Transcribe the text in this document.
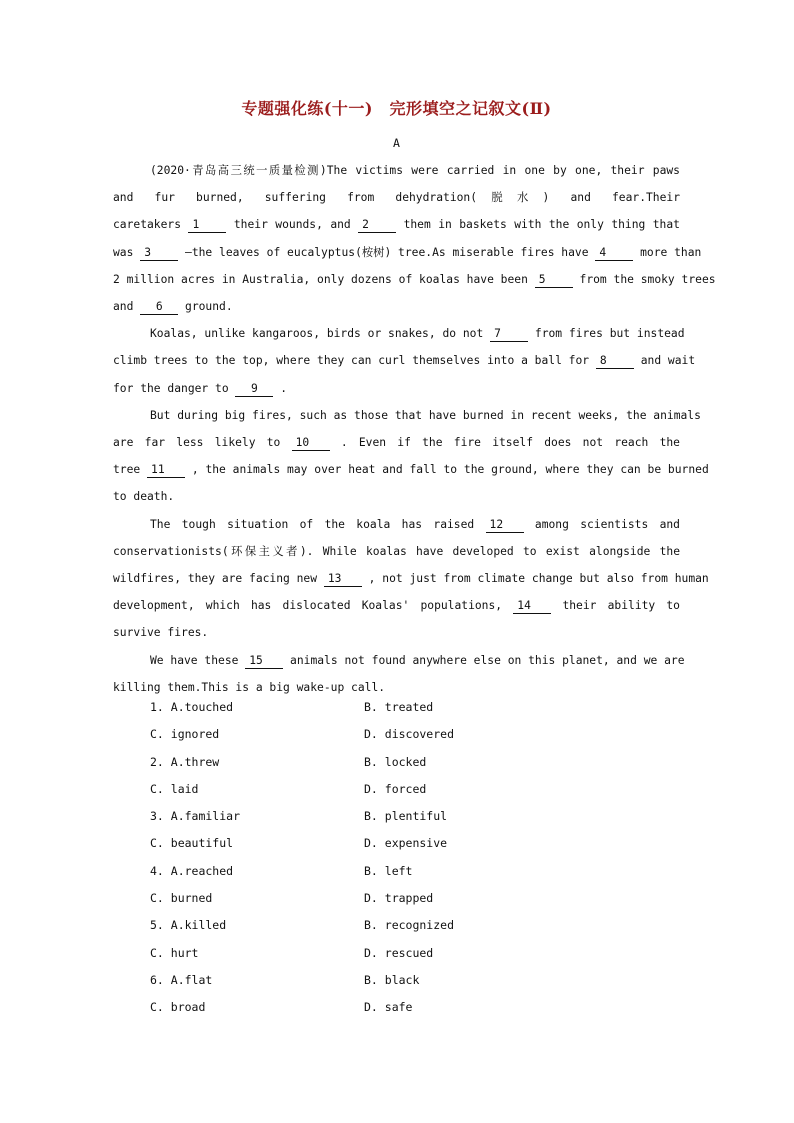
专题强化练(十一)　完形填空之记叙文(Ⅱ)
A

(2020·青岛高三统一质量检测)The victims were carried in one by one, their paws

and fur burned, suffering from dehydration(脱水) and fear.Their

caretakers 1	their wounds, and 2	them in baskets with the only thing that

was 3	—the leaves of eucalyptus(桉树) tree.As miserable fires have 4	more than

2 million acres in Australia, only dozens of koalas have been 5	from the smoky trees

and 6 ground.

Koalas, unlike kangaroos, birds or snakes, do not 7	from fires but instead

climb trees to the top, where they can curl themselves into a ball for 8	and wait

for the danger to 9 .

But during big fires, such as those that have burned in recent weeks, the animals

are far less likely to 10	. Even if the fire itself does not reach the

tree 11 , the animals may over heat and fall to the ground, where they can be burned

to death.

The tough situation of the koala has raised 12	among scientists and

conservationists(环保主义者). While koalas have developed to exist alongside the

wildfires, they are facing new 13 , not just from climate change but also from human

development, which has dislocated Koalas' populations, 14	their ability to

survive fires.

We have these 15 animals not found anywhere else on this planet, and we are

killing them.This is a big wake-up call.

1. A.touched	B. treated
C. ignored	D. discovered
2. A.threw	B. locked
C. laid	D. forced
3. A.familiar	B. plentiful
C. beautiful	D. expensive
4. A.reached	B. left
C. burned	D. trapped
5. A.killed	B. recognized
C. hurt	D. rescued
6. A.flat	B. black
C. broad	D. safe
